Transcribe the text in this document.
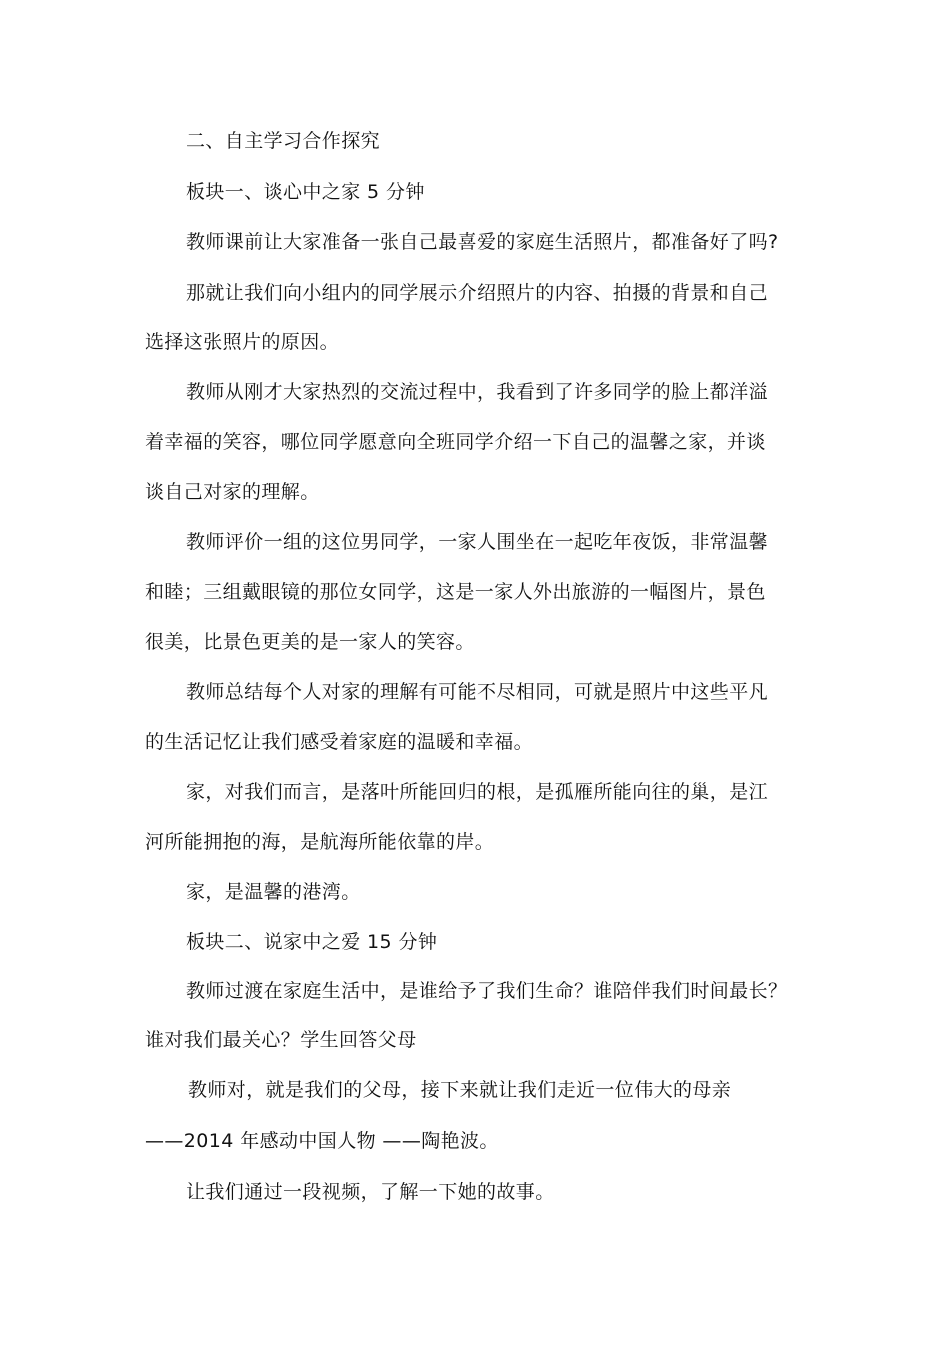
二、自主学习合作探究
板块一、谈心中之家 5 分钟
教师课前让大家准备一张自己最喜爱的家庭生活照片，都准备好了吗?
那就让我们向小组内的同学展示介绍照片的内容、拍摄的背景和自己
选择这张照片的原因。
教师从刚才大家热烈的交流过程中，我看到了许多同学的脸上都洋溢
着幸福的笑容，哪位同学愿意向全班同学介绍一下自己的温馨之家，并谈
谈自己对家的理解。
教师评价一组的这位男同学，一家人围坐在一起吃年夜饭，非常温馨
和睦；三组戴眼镜的那位女同学，这是一家人外出旅游的一幅图片，景色
很美，比景色更美的是一家人的笑容。
教师总结每个人对家的理解有可能不尽相同，可就是照片中这些平凡
的生活记忆让我们感受着家庭的温暖和幸福。
家，对我们而言，是落叶所能回归的根，是孤雁所能向往的巢，是江
河所能拥抱的海，是航海所能依靠的岸。
家，是温馨的港湾。
板块二、说家中之爱 15 分钟
教师过渡在家庭生活中，是谁给予了我们生命？谁陪伴我们时间最长？
谁对我们最关心？学生回答父母
教师对，就是我们的父母，接下来就让我们走近一位伟大的母亲
——2014 年感动中国人物 ——陶艳波。
让我们通过一段视频，了解一下她的故事。
